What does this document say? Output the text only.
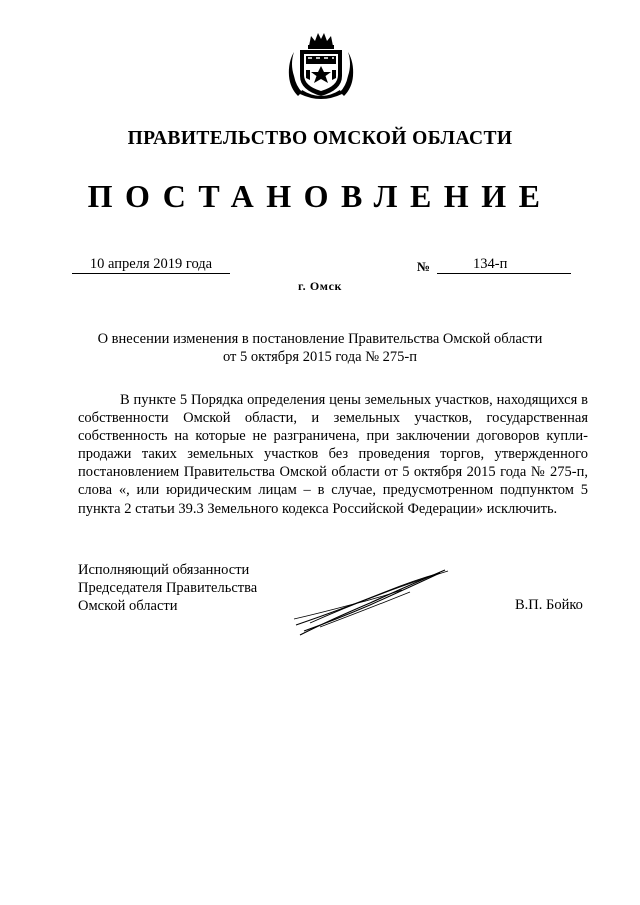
ПРАВИТЕЛЬСТВО ОМСКОЙ ОБЛАСТИ
ПОСТАНОВЛЕНИЕ
10 апреля 2019 года	№	134-п
г. Омск
О внесении изменения в постановление Правительства Омской области
от 5 октября 2015 года № 275-п

В пункте 5 Порядка определения цены земельных участков, находящихся в собственности Омской области, и земельных участков, государственная собственность на которые не разграничена, при заключении договоров купли-продажи таких земельных участков без проведения торгов, утвержденного постановлением Правительства Омской области от 5 октября 2015 года № 275-п, слова «, или юридическим лицам – в случае, предусмотренном подпунктом 5 пункта 2 статьи 39.3 Земельного кодекса Российской Федерации» исключить.

Исполняющий обязанности
Председателя Правительства
Омской области	В.П. Бойко
